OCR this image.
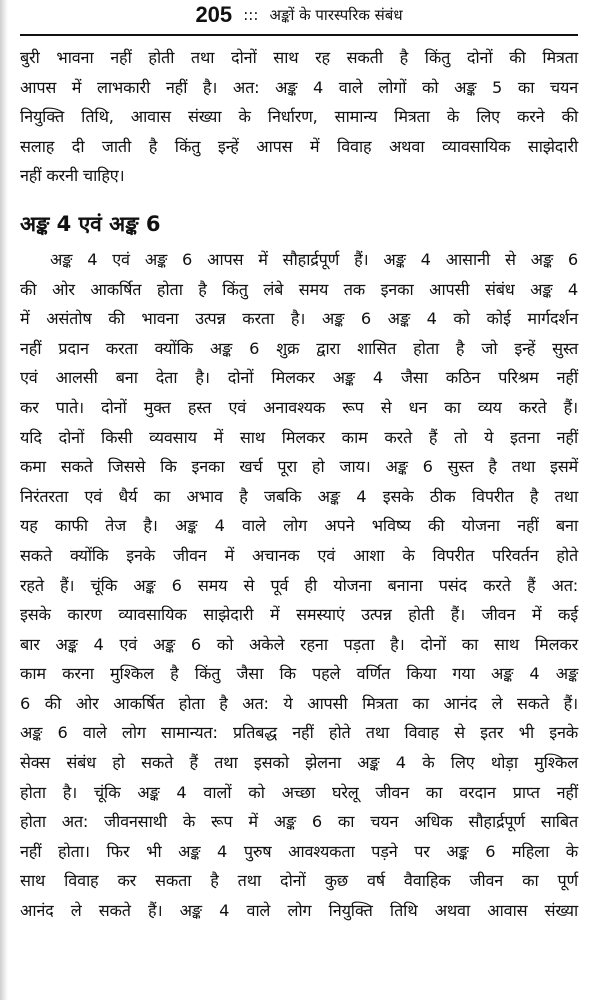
205 ::: अङ्कों के पारस्परिक संबंध

बुरी भावना नहीं होती तथा दोनों साथ रह सकती है किंतु दोनों की मित्रता
आपस में लाभकारी नहीं है। अत: अङ्क 4 वाले लोगों को अङ्क 5 का चयन
नियुक्ति तिथि, आवास संख्या के निर्धारण, सामान्य मित्रता के लिए करने की
सलाह दी जाती है किंतु इन्हें आपस में विवाह अथवा व्यावसायिक साझेदारी
नहीं करनी चाहिए।

अङ्क 4 एवं अङ्क 6

अङ्क 4 एवं अङ्क 6 आपस में सौहार्द्रपूर्ण हैं। अङ्क 4 आसानी से अङ्क 6
की ओर आकर्षित होता है किंतु लंबे समय तक इनका आपसी संबंध अङ्क 4
में असंतोष की भावना उत्पन्न करता है। अङ्क 6 अङ्क 4 को कोई मार्गदर्शन
नहीं प्रदान करता क्योंकि अङ्क 6 शुक्र द्वारा शासित होता है जो इन्हें सुस्त
एवं आलसी बना देता है। दोनों मिलकर अङ्क 4 जैसा कठिन परिश्रम नहीं
कर पाते। दोनों मुक्त हस्त एवं अनावश्यक रूप से धन का व्यय करते हैं।
यदि दोनों किसी व्यवसाय में साथ मिलकर काम करते हैं तो ये इतना नहीं
कमा सकते जिससे कि इनका खर्च पूरा हो जाय। अङ्क 6 सुस्त है तथा इसमें
निरंतरता एवं धैर्य का अभाव है जबकि अङ्क 4 इसके ठीक विपरीत है तथा
यह काफी तेज है। अङ्क 4 वाले लोग अपने भविष्य की योजना नहीं बना
सकते क्योंकि इनके जीवन में अचानक एवं आशा के विपरीत परिवर्तन होते
रहते हैं। चूंकि अङ्क 6 समय से पूर्व ही योजना बनाना पसंद करते हैं अत:
इसके कारण व्यावसायिक साझेदारी में समस्याएं उत्पन्न होती हैं। जीवन में कई
बार अङ्क 4 एवं अङ्क 6 को अकेले रहना पड़ता है। दोनों का साथ मिलकर
काम करना मुश्किल है किंतु जैसा कि पहले वर्णित किया गया अङ्क 4 अङ्क
6 की ओर आकर्षित होता है अत: ये आपसी मित्रता का आनंद ले सकते हैं।
अङ्क 6 वाले लोग सामान्यत: प्रतिबद्ध नहीं होते तथा विवाह से इतर भी इनके
सेक्स संबंध हो सकते हैं तथा इसको झेलना अङ्क 4 के लिए थोड़ा मुश्किल
होता है। चूंकि अङ्क 4 वालों को अच्छा घरेलू जीवन का वरदान प्राप्त नहीं
होता अत: जीवनसाथी के रूप में अङ्क 6 का चयन अधिक सौहार्द्रपूर्ण साबित
नहीं होता। फिर भी अङ्क 4 पुरुष आवश्यकता पड़ने पर अङ्क 6 महिला के
साथ विवाह कर सकता है तथा दोनों कुछ वर्ष वैवाहिक जीवन का पूर्ण
आनंद ले सकते हैं। अङ्क 4 वाले लोग नियुक्ति तिथि अथवा आवास संख्या
